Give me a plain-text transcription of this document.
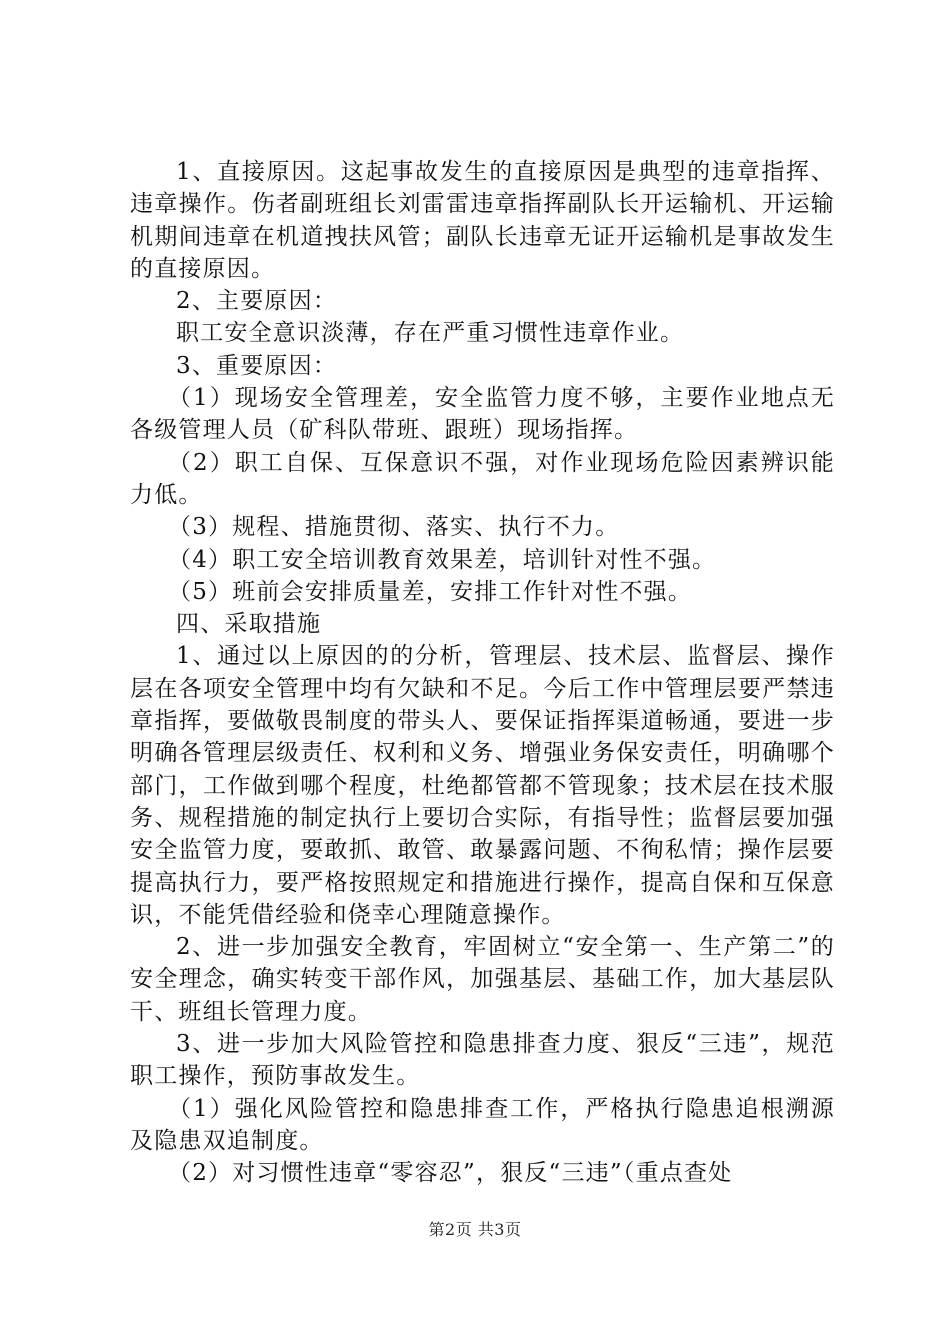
1、直接原因。这起事故发生的直接原因是典型的违章指挥、违章操作。伤者副班组长刘雷雷违章指挥副队长开运输机、开运输机期间违章在机道拽扶风管；副队长违章无证开运输机是事故发生的直接原因。

2、主要原因：

职工安全意识淡薄，存在严重习惯性违章作业。

3、重要原因：

（1）现场安全管理差，安全监管力度不够，主要作业地点无各级管理人员（矿科队带班、跟班）现场指挥。

（2）职工自保、互保意识不强，对作业现场危险因素辨识能力低。

（3）规程、措施贯彻、落实、执行不力。

（4）职工安全培训教育效果差，培训针对性不强。

（5）班前会安排质量差，安排工作针对性不强。

四、采取措施

1、通过以上原因的的分析，管理层、技术层、监督层、操作层在各项安全管理中均有欠缺和不足。今后工作中管理层要严禁违章指挥，要做敬畏制度的带头人、要保证指挥渠道畅通，要进一步明确各管理层级责任、权利和义务、增强业务保安责任，明确哪个部门，工作做到哪个程度，杜绝都管都不管现象；技术层在技术服务、规程措施的制定执行上要切合实际，有指导性；监督层要加强安全监管力度，要敢抓、敢管、敢暴露问题、不徇私情；操作层要提高执行力，要严格按照规定和措施进行操作，提高自保和互保意识，不能凭借经验和侥幸心理随意操作。

2、进一步加强安全教育，牢固树立“安全第一、生产第二”的安全理念，确实转变干部作风，加强基层、基础工作，加大基层队干、班组长管理力度。

3、进一步加大风险管控和隐患排查力度、狠反“三违”，规范职工操作，预防事故发生。

（1）强化风险管控和隐患排查工作，严格执行隐患追根溯源及隐患双追制度。

（2）对习惯性违章“零容忍”，狠反“三违”（重点查处

第2页 共3页
